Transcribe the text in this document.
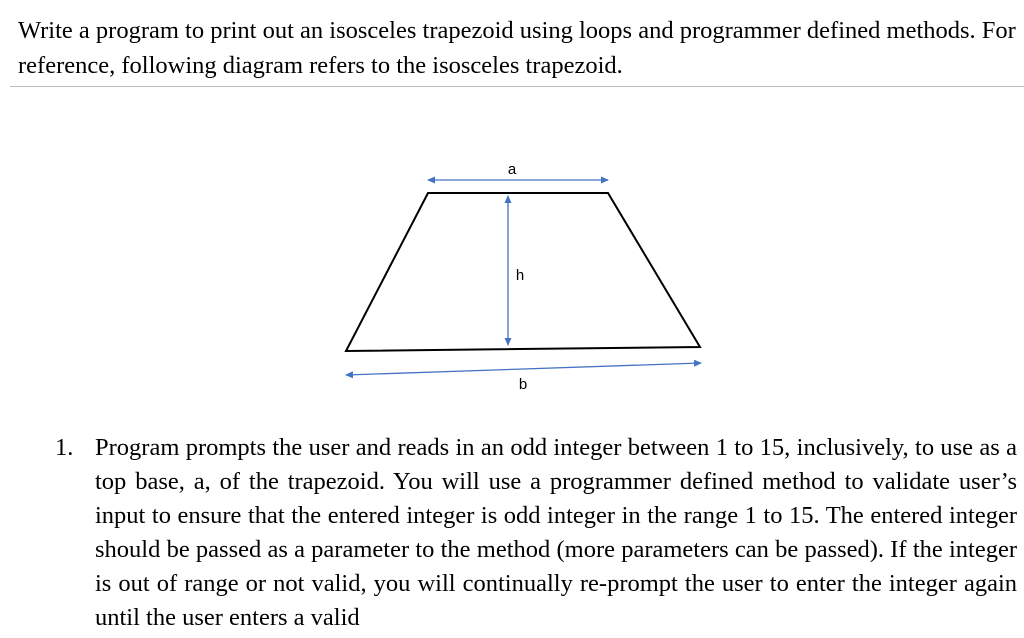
Write a program to print out an isosceles trapezoid using loops and programmer defined methods. For reference, following diagram refers to the isosceles trapezoid.

a
h
b
1. Program prompts the user and reads in an odd integer between 1 to 15, inclusively, to use as a top base, a, of the trapezoid. You will use a programmer defined method to validate user’s input to ensure that the entered integer is odd integer in the range 1 to 15. The entered integer should be passed as a parameter to the method (more parameters can be passed). If the integer is out of range or not valid, you will continually re-prompt the user to enter the integer again until the user enters a valid
